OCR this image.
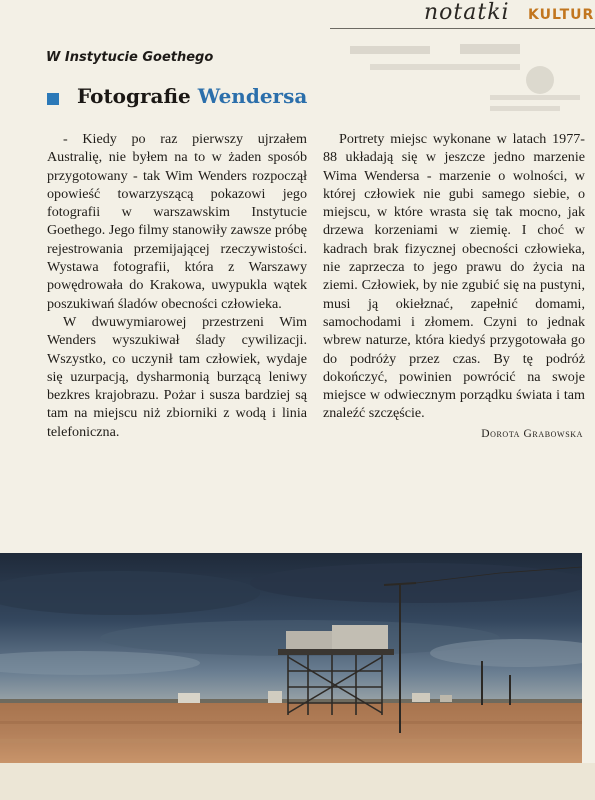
notatki KULTUR
W Instytucie Goethego
Fotografie Wendersa

- Kiedy po raz pierwszy ujrzałem Australię, nie byłem na to w żaden sposób przygotowany - tak Wim Wenders rozpoczął opowieść towarzyszącą pokazowi jego fotografii w warszawskim Instytucie Goethego. Jego filmy stanowiły zawsze próbę rejestrowania przemijającej rzeczywistości. Wystawa fotografii, która z Warszawy powędrowała do Krakowa, uwypukla wątek poszukiwań śladów obecności człowieka.

W dwuwymiarowej przestrzeni Wim Wenders wyszukiwał ślady cywilizacji. Wszystko, co uczynił tam człowiek, wydaje się uzurpacją, dysharmonią burzącą leniwy bezkres krajobrazu. Pożar i susza bardziej są tam na miejscu niż zbiorniki z wodą i linia telefoniczna.

Portrety miejsc wykonane w latach 1977-88 układają się w jeszcze jedno marzenie Wima Wendersa - marzenie o wolności, w której człowiek nie gubi samego siebie, o miejscu, w które wrasta się tak mocno, jak drzewa korzeniami w ziemię. I choć w kadrach brak fizycznej obecności człowieka, nie zaprzecza to jego prawu do życia na ziemi. Człowiek, by nie zgubić się na pustyni, musi ją okiełznać, zapełnić domami, samochodami i złomem. Czyni to jednak wbrew naturze, która kiedyś przygotowała go do podróży przez czas. By tę podróż dokończyć, powinien powrócić na swoje miejsce w odwiecznym porządku świata i tam znaleźć szczęście.

Dorota Grabowska
